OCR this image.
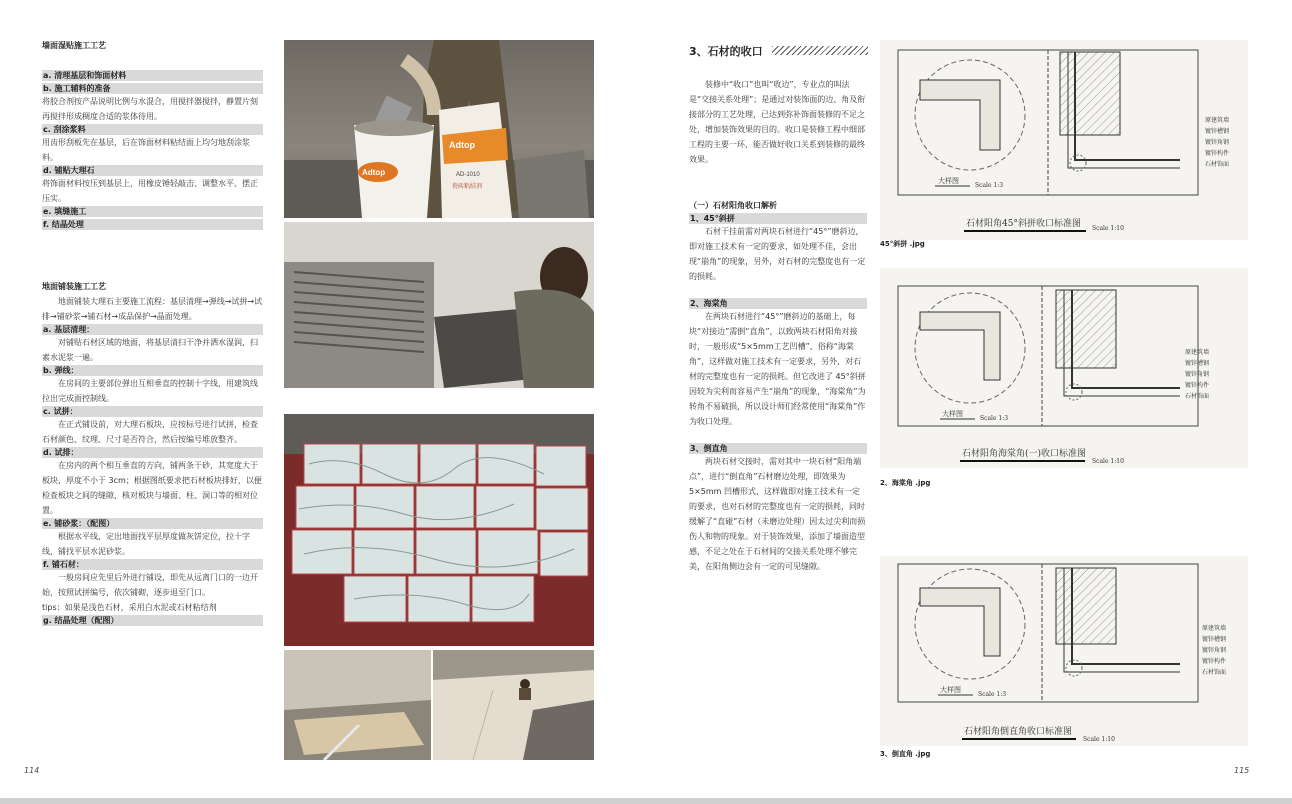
墙面湿贴施工工艺
a. 清理基层和饰面材料
b. 施工辅料的准备
将胶合剂按产品说明比例与水混合，用搅拌器搅拌，静置片刻再搅拌形成稠度合适的浆体待用。
c. 刮涂浆料
用齿形刮板先在基层，后在饰面材料粘结面上均匀地刮涂浆料。
d. 铺贴大理石
将饰面材料按压到基层上，用橡皮锤轻敲击、调整水平、摆正压实。
e. 填缝施工
f. 结晶处理
地面铺装施工工艺
地面铺装大理石主要施工流程：基层清理→弹线→试拼→试排→铺砂浆→铺石材→成品保护→晶面处理。
a. 基层清理：
对铺贴石材区域的地面，将基层清扫干净并洒水湿润，扫素水泥浆一遍。
b. 弹线：
在房间的主要部位弹出互相垂直的控制十字线，用建筑线拉出完成面控制线。
c. 试拼：
在正式铺设前，对大理石板块，应按标号进行试拼，检查石材颜色、纹理、尺寸是否符合，然后按编号堆放整齐。
d. 试排：
在房内的两个相互垂直的方向，铺两条干砂，其宽度大于板块，厚度不小于 3cm；根据图纸要求把石材板块排好，以便检查板块之间的缝隙，核对板块与墙面、柱、洞口等的相对位置。
e. 铺砂浆：（配图）
根据水平线，定出地面找平层厚度做灰饼定位，拉十字线，铺找平层水泥砂浆。
f. 铺石材：
一般房间应先里后外进行铺设，即先从远离门口的一边开始，按照试拼编号，依次铺砌，逐步退至门口。
tips：如果是浅色石材，采用白水泥或石材粘结剂
g. 结晶处理（配图）
114
Adtop
Adtop
AD-1010
瓷砖粘结剂
3、石材的收口
装修中“收口”也叫“收边”，专业点的叫法是“交接关系处理”；是通过对装饰面的边、角及衔接部分的工艺处理，已达到弥补饰面装修的不足之处，增加装饰效果的目的。收口是装修工程中细部工程的主要一环，能否做好收口关系到装修的最终效果。
（一）石材阳角收口解析
1、45°斜拼
石材干挂前需对两块石材进行“45°”磨斜边，即对施工技术有一定的要求，如处理不佳，会出现“崩角”的现象，另外，对石材的完整度也有一定的损耗。
2、海棠角
在两块石材进行“45°”磨斜边的基础上，每块“对接边”需倒“直角”，以致两块石材阳角对接时，一般形成“5×5mm工艺凹槽”，俗称“海棠角”，这样做对施工技术有一定要求，另外，对石材的完整度也有一定的损耗。但它改进了 45°斜拼因较为尖利而容易产生“崩角”的现象，“海棠角”为转角不易破损，所以设计师们经常使用“海棠角”作为收口处理。
3、倒直角
两块石材交接时，需对其中一块石材“阳角端点”，进行“倒直角”石材磨边处理，即效果为 5×5mm 凹槽形式，这样做即对施工技术有一定的要求，也对石材的完整度也有一定的损耗，同时缓解了“直碰”石材（未磨边处理）因太过尖利而损伤人和物的现象。对于装饰效果，添加了墙面造型感，不足之处在于石材间的交接关系处理不够完美，在阳角侧边会有一定的可见缝隙。
115
原建筑墙
镀锌槽钢
镀锌角钢
镀锌构件
石材饰面
大样图
Scale 1:3
石材阳角45°斜拼收口标准图 Scale 1:10
45°斜拼 .jpg
原建筑墙
镀锌槽钢
镀锌角钢
镀锌构件
石材饰面
大样图
Scale 1:3
石材阳角海棠角(一)收口标准图
Scale 1:10
2、海棠角 .jpg
原建筑墙
镀锌槽钢
镀锌角钢
镀锌构件
石材饰面
大样图
Scale 1:3
石材阳角倒直角收口标准图
Scale 1:10
3、倒直角 .jpg
